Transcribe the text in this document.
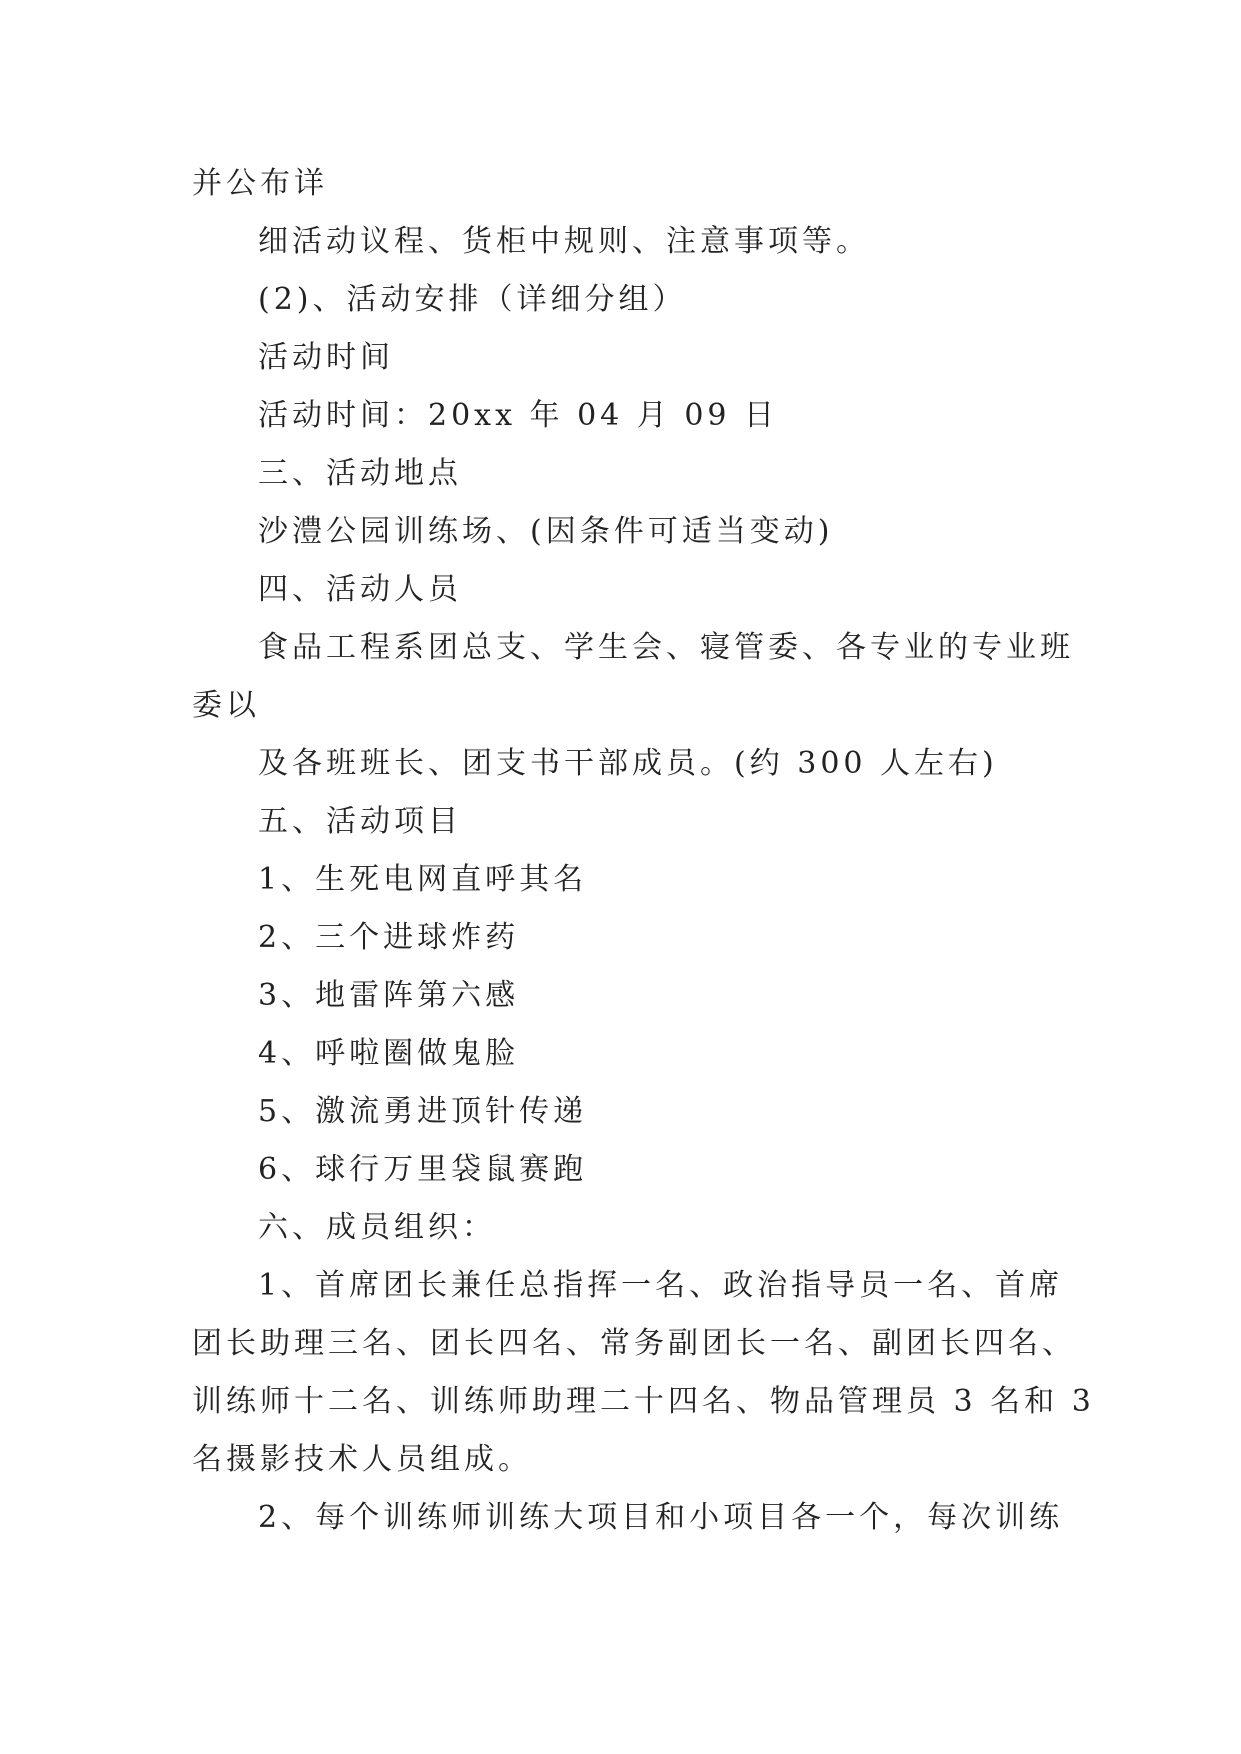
并公布详
细活动议程、货柜中规则、注意事项等。
(2)、活动安排（详细分组）
活动时间
活动时间：20xx 年 04 月 09 日
三、活动地点
沙澧公园训练场、(因条件可适当变动)
四、活动人员
食品工程系团总支、学生会、寝管委、各专业的专业班
委以
及各班班长、团支书干部成员。(约 300 人左右)
五、活动项目
1、生死电网直呼其名
2、三个进球炸药
3、地雷阵第六感
4、呼啦圈做鬼脸
5、激流勇进顶针传递
6、球行万里袋鼠赛跑
六、成员组织：
1、首席团长兼任总指挥一名、政治指导员一名、首席
团长助理三名、团长四名、常务副团长一名、副团长四名、
训练师十二名、训练师助理二十四名、物品管理员 3 名和 3
名摄影技术人员组成。
2、每个训练师训练大项目和小项目各一个，每次训练
